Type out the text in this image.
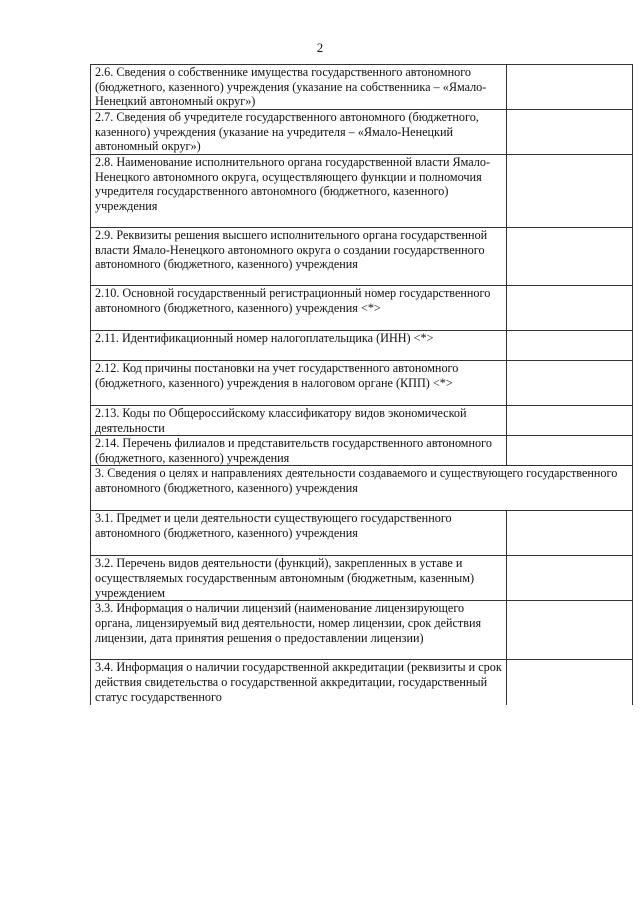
2
2.6. Сведения о собственнике имущества государственного автономного (бюджетного, казенного) учреждения (указание на собственника – «Ямало-Ненецкий автономный округ»)	
2.7. Сведения об учредителе государственного автономного (бюджетного, казенного) учреждения (указание на учредителя – «Ямало-Ненецкий автономный округ»)	
2.8. Наименование исполнительного органа государственной власти Ямало-Ненецкого автономного округа, осуществляющего функции и полномочия учредителя государственного автономного (бюджетного, казенного) учреждения	
2.9. Реквизиты решения высшего исполнительного органа государственной власти Ямало-Ненецкого автономного округа о создании государственного автономного (бюджетного, казенного) учреждения	
2.10. Основной государственный регистрационный номер государственного автономного (бюджетного, казенного) учреждения <*>	
2.11. Идентификационный номер налогоплательщика (ИНН) <*>	
2.12. Код причины постановки на учет государственного автономного (бюджетного, казенного) учреждения в налоговом органе (КПП) <*>	
2.13. Коды по Общероссийскому классификатору видов экономической деятельности	
2.14. Перечень филиалов и представительств государственного автономного (бюджетного, казенного) учреждения	
3. Сведения о целях и направлениях деятельности создаваемого и существующего государственного автономного (бюджетного, казенного) учреждения	
3.1. Предмет и цели деятельности существующего государственного автономного (бюджетного, казенного) учреждения	
3.2. Перечень видов деятельности (функций), закрепленных в уставе и осуществляемых государственным автономным (бюджетным, казенным) учреждением	
3.3. Информация о наличии лицензий (наименование лицензирующего органа, лицензируемый вид деятельности, номер лицензии, срок действия лицензии, дата принятия решения о предоставлении лицензии)	
3.4. Информация о наличии государственной аккредитации (реквизиты и срок действия свидетельства о государственной аккредитации, государственный статус государственного	
